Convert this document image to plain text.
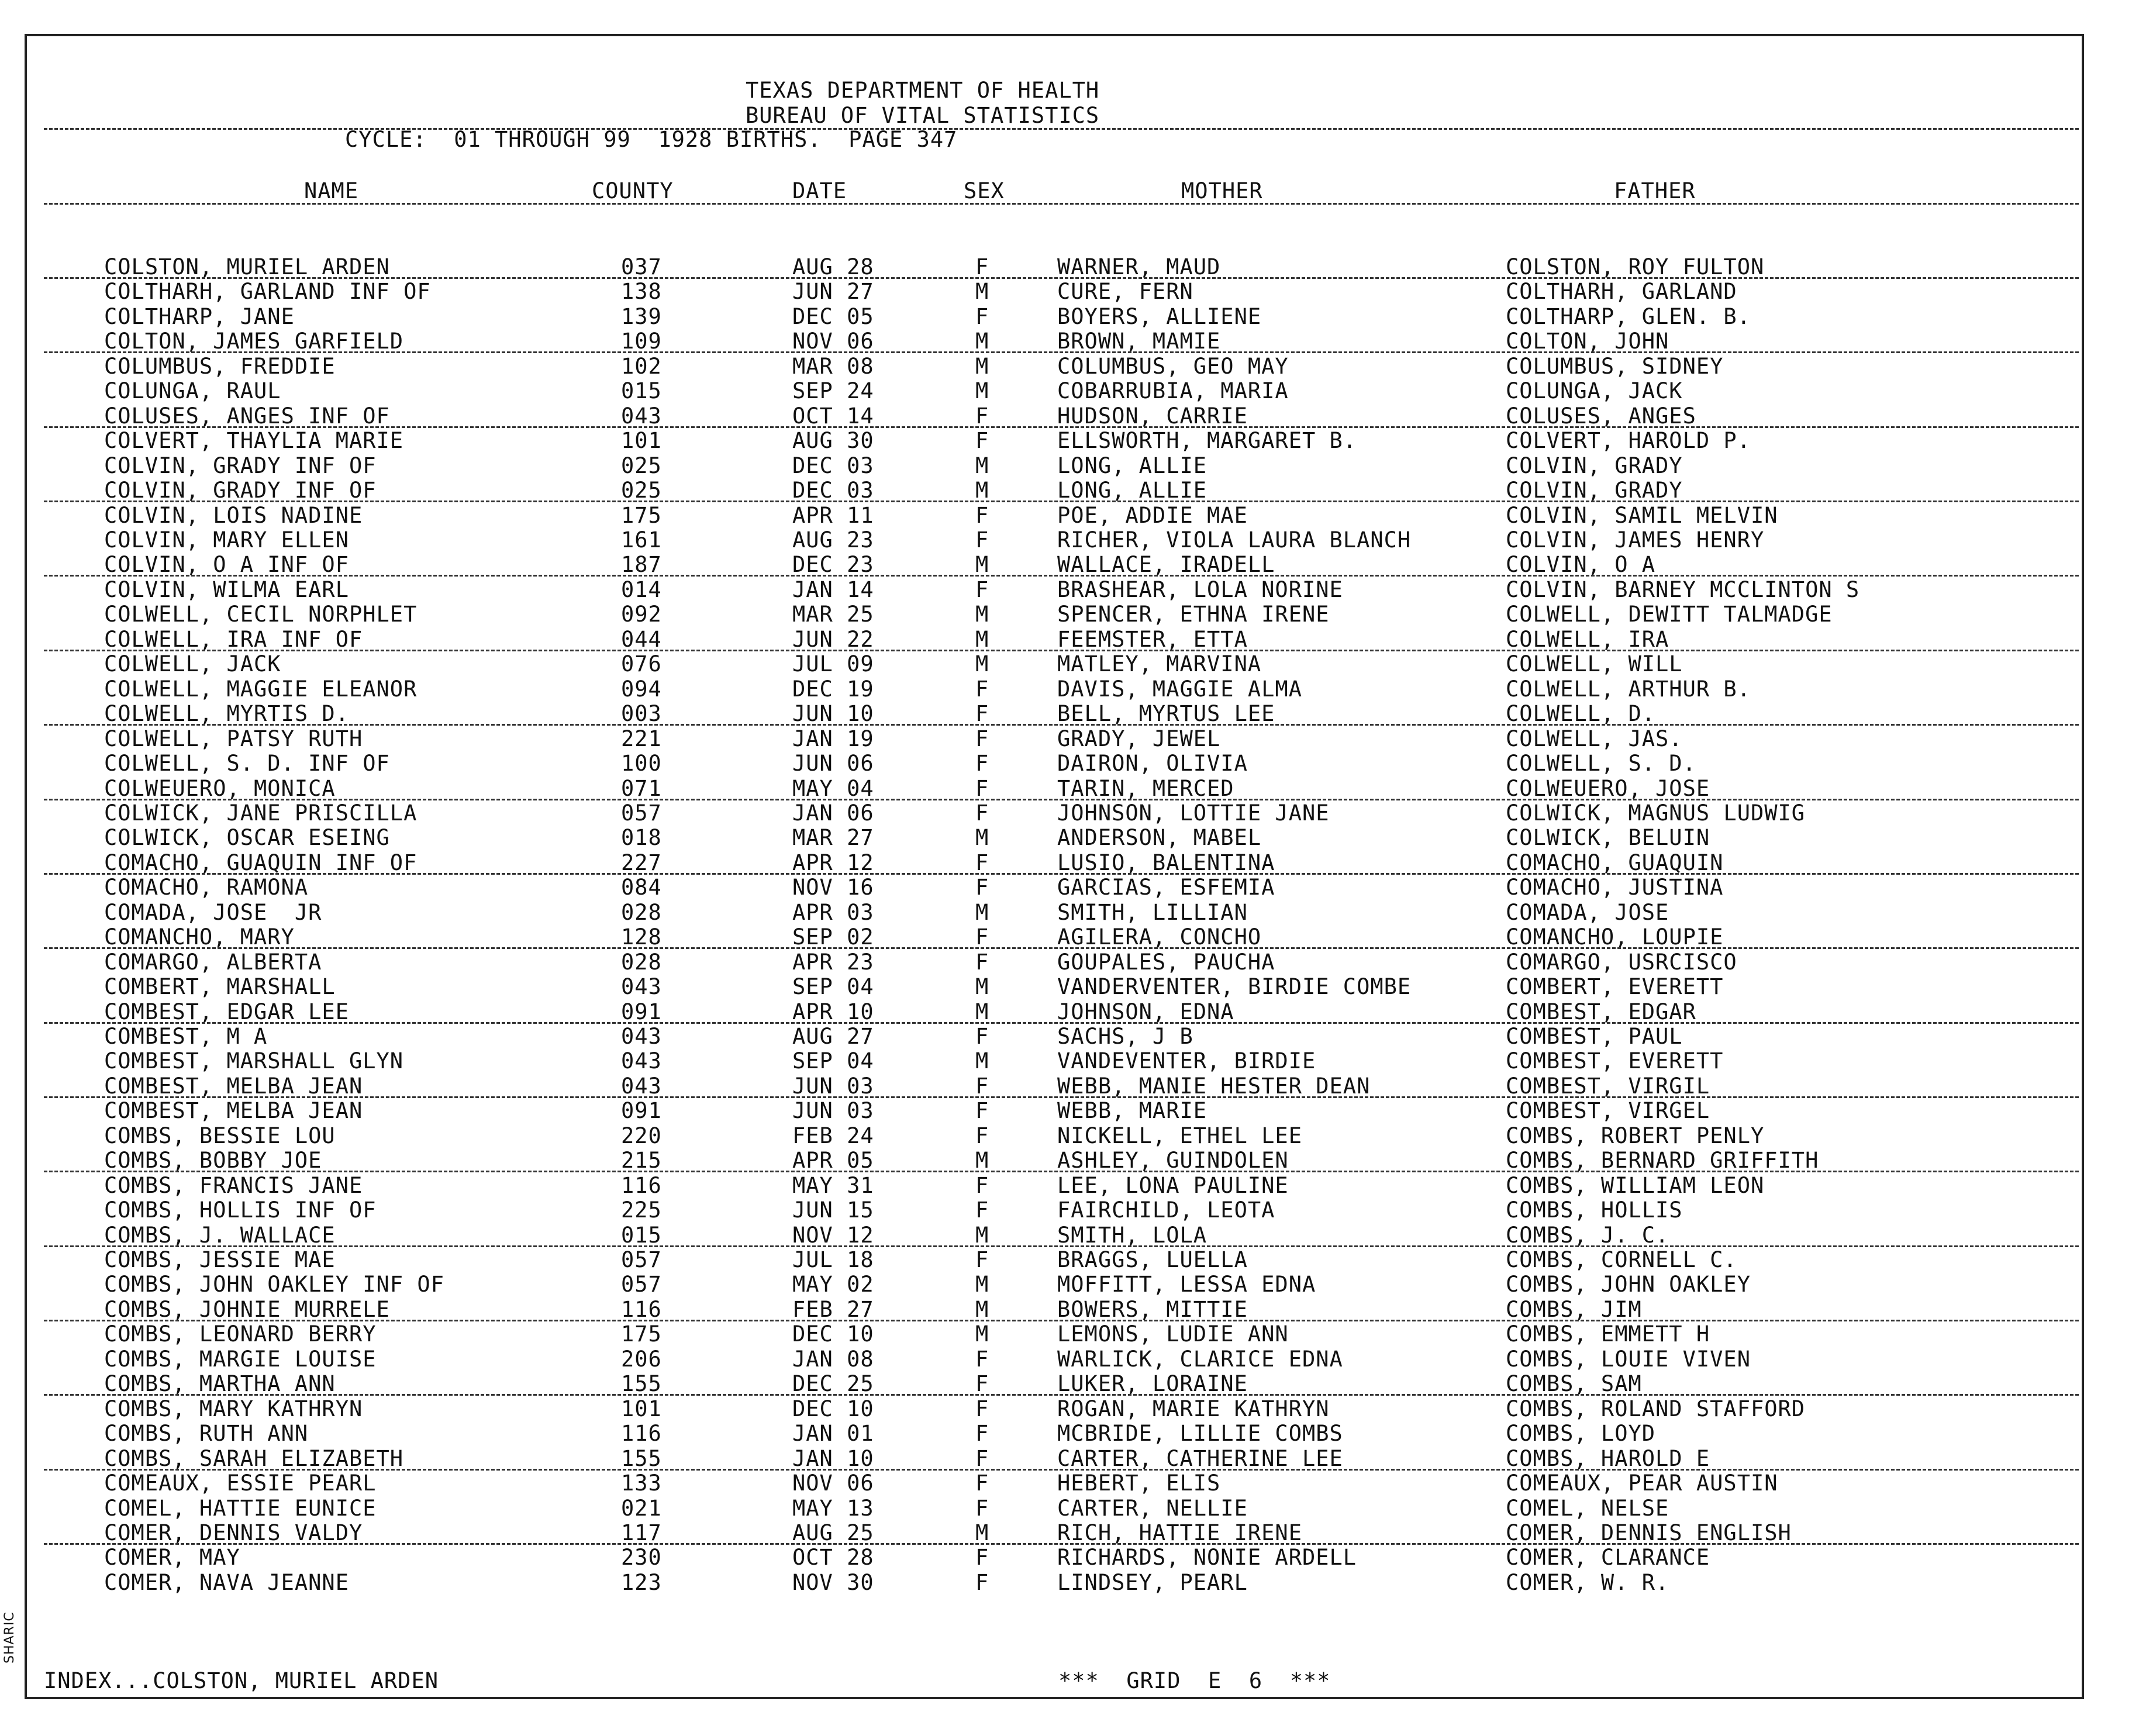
TEXAS DEPARTMENT OF HEALTH
BUREAU OF VITAL STATISTICS
CYCLE:  01 THROUGH 99  1928 BIRTHS.  PAGE 347
NAME	COUNTY	DATE	SEX	MOTHER	FATHER
COLSTON, MURIEL ARDEN	037	AUG 28	F	WARNER, MAUD	COLSTON, ROY FULTON
COLTHARH, GARLAND INF OF	138	JUN 27	M	CURE, FERN	COLTHARH, GARLAND
COLTHARP, JANE	139	DEC 05	F	BOYERS, ALLIENE	COLTHARP, GLEN. B.
COLTON, JAMES GARFIELD	109	NOV 06	M	BROWN, MAMIE	COLTON, JOHN
COLUMBUS, FREDDIE	102	MAR 08	M	COLUMBUS, GEO MAY	COLUMBUS, SIDNEY
COLUNGA, RAUL	015	SEP 24	M	COBARRUBIA, MARIA	COLUNGA, JACK
COLUSES, ANGES INF OF	043	OCT 14	F	HUDSON, CARRIE	COLUSES, ANGES
COLVERT, THAYLIA MARIE	101	AUG 30	F	ELLSWORTH, MARGARET B.	COLVERT, HAROLD P.
COLVIN, GRADY INF OF	025	DEC 03	M	LONG, ALLIE	COLVIN, GRADY
COLVIN, GRADY INF OF	025	DEC 03	M	LONG, ALLIE	COLVIN, GRADY
COLVIN, LOIS NADINE	175	APR 11	F	POE, ADDIE MAE	COLVIN, SAMIL MELVIN
COLVIN, MARY ELLEN	161	AUG 23	F	RICHER, VIOLA LAURA BLANCH	COLVIN, JAMES HENRY
COLVIN, O A INF OF	187	DEC 23	M	WALLACE, IRADELL	COLVIN, O A
COLVIN, WILMA EARL	014	JAN 14	F	BRASHEAR, LOLA NORINE	COLVIN, BARNEY MCCLINTON S
COLWELL, CECIL NORPHLET	092	MAR 25	M	SPENCER, ETHNA IRENE	COLWELL, DEWITT TALMADGE
COLWELL, IRA INF OF	044	JUN 22	M	FEEMSTER, ETTA	COLWELL, IRA
COLWELL, JACK	076	JUL 09	M	MATLEY, MARVINA	COLWELL, WILL
COLWELL, MAGGIE ELEANOR	094	DEC 19	F	DAVIS, MAGGIE ALMA	COLWELL, ARTHUR B.
COLWELL, MYRTIS D.	003	JUN 10	F	BELL, MYRTUS LEE	COLWELL, D.
COLWELL, PATSY RUTH	221	JAN 19	F	GRADY, JEWEL	COLWELL, JAS.
COLWELL, S. D. INF OF	100	JUN 06	F	DAIRON, OLIVIA	COLWELL, S. D.
COLWEUERO, MONICA	071	MAY 04	F	TARIN, MERCED	COLWEUERO, JOSE
COLWICK, JANE PRISCILLA	057	JAN 06	F	JOHNSON, LOTTIE JANE	COLWICK, MAGNUS LUDWIG
COLWICK, OSCAR ESEING	018	MAR 27	M	ANDERSON, MABEL	COLWICK, BELUIN
COMACHO, GUAQUIN INF OF	227	APR 12	F	LUSIO, BALENTINA	COMACHO, GUAQUIN
COMACHO, RAMONA	084	NOV 16	F	GARCIAS, ESFEMIA	COMACHO, JUSTINA
COMADA, JOSE  JR	028	APR 03	M	SMITH, LILLIAN	COMADA, JOSE
COMANCHO, MARY	128	SEP 02	F	AGILERA, CONCHO	COMANCHO, LOUPIE
COMARGO, ALBERTA	028	APR 23	F	GOUPALES, PAUCHA	COMARGO, USRCISCO
COMBERT, MARSHALL	043	SEP 04	M	VANDERVENTER, BIRDIE COMBE	COMBERT, EVERETT
COMBEST, EDGAR LEE	091	APR 10	M	JOHNSON, EDNA	COMBEST, EDGAR
COMBEST, M A	043	AUG 27	F	SACHS, J B	COMBEST, PAUL
COMBEST, MARSHALL GLYN	043	SEP 04	M	VANDEVENTER, BIRDIE	COMBEST, EVERETT
COMBEST, MELBA JEAN	043	JUN 03	F	WEBB, MANIE HESTER DEAN	COMBEST, VIRGIL
COMBEST, MELBA JEAN	091	JUN 03	F	WEBB, MARIE	COMBEST, VIRGEL
COMBS, BESSIE LOU	220	FEB 24	F	NICKELL, ETHEL LEE	COMBS, ROBERT PENLY
COMBS, BOBBY JOE	215	APR 05	M	ASHLEY, GUINDOLEN	COMBS, BERNARD GRIFFITH
COMBS, FRANCIS JANE	116	MAY 31	F	LEE, LONA PAULINE	COMBS, WILLIAM LEON
COMBS, HOLLIS INF OF	225	JUN 15	F	FAIRCHILD, LEOTA	COMBS, HOLLIS
COMBS, J. WALLACE	015	NOV 12	M	SMITH, LOLA	COMBS, J. C.
COMBS, JESSIE MAE	057	JUL 18	F	BRAGGS, LUELLA	COMBS, CORNELL C.
COMBS, JOHN OAKLEY INF OF	057	MAY 02	M	MOFFITT, LESSA EDNA	COMBS, JOHN OAKLEY
COMBS, JOHNIE MURRELE	116	FEB 27	M	BOWERS, MITTIE	COMBS, JIM
COMBS, LEONARD BERRY	175	DEC 10	M	LEMONS, LUDIE ANN	COMBS, EMMETT H
COMBS, MARGIE LOUISE	206	JAN 08	F	WARLICK, CLARICE EDNA	COMBS, LOUIE VIVEN
COMBS, MARTHA ANN	155	DEC 25	F	LUKER, LORAINE	COMBS, SAM
COMBS, MARY KATHRYN	101	DEC 10	F	ROGAN, MARIE KATHRYN	COMBS, ROLAND STAFFORD
COMBS, RUTH ANN	116	JAN 01	F	MCBRIDE, LILLIE COMBS	COMBS, LOYD
COMBS, SARAH ELIZABETH	155	JAN 10	F	CARTER, CATHERINE LEE	COMBS, HAROLD E
COMEAUX, ESSIE PEARL	133	NOV 06	F	HEBERT, ELIS	COMEAUX, PEAR AUSTIN
COMEL, HATTIE EUNICE	021	MAY 13	F	CARTER, NELLIE	COMEL, NELSE
COMER, DENNIS VALDY	117	AUG 25	M	RICH, HATTIE IRENE	COMER, DENNIS ENGLISH
COMER, MAY	230	OCT 28	F	RICHARDS, NONIE ARDELL	COMER, CLARANCE
COMER, NAVA JEANNE	123	NOV 30	F	LINDSEY, PEARL	COMER, W. R.
INDEX...COLSTON, MURIEL ARDEN	***  GRID  E  6  ***
SHARIC
